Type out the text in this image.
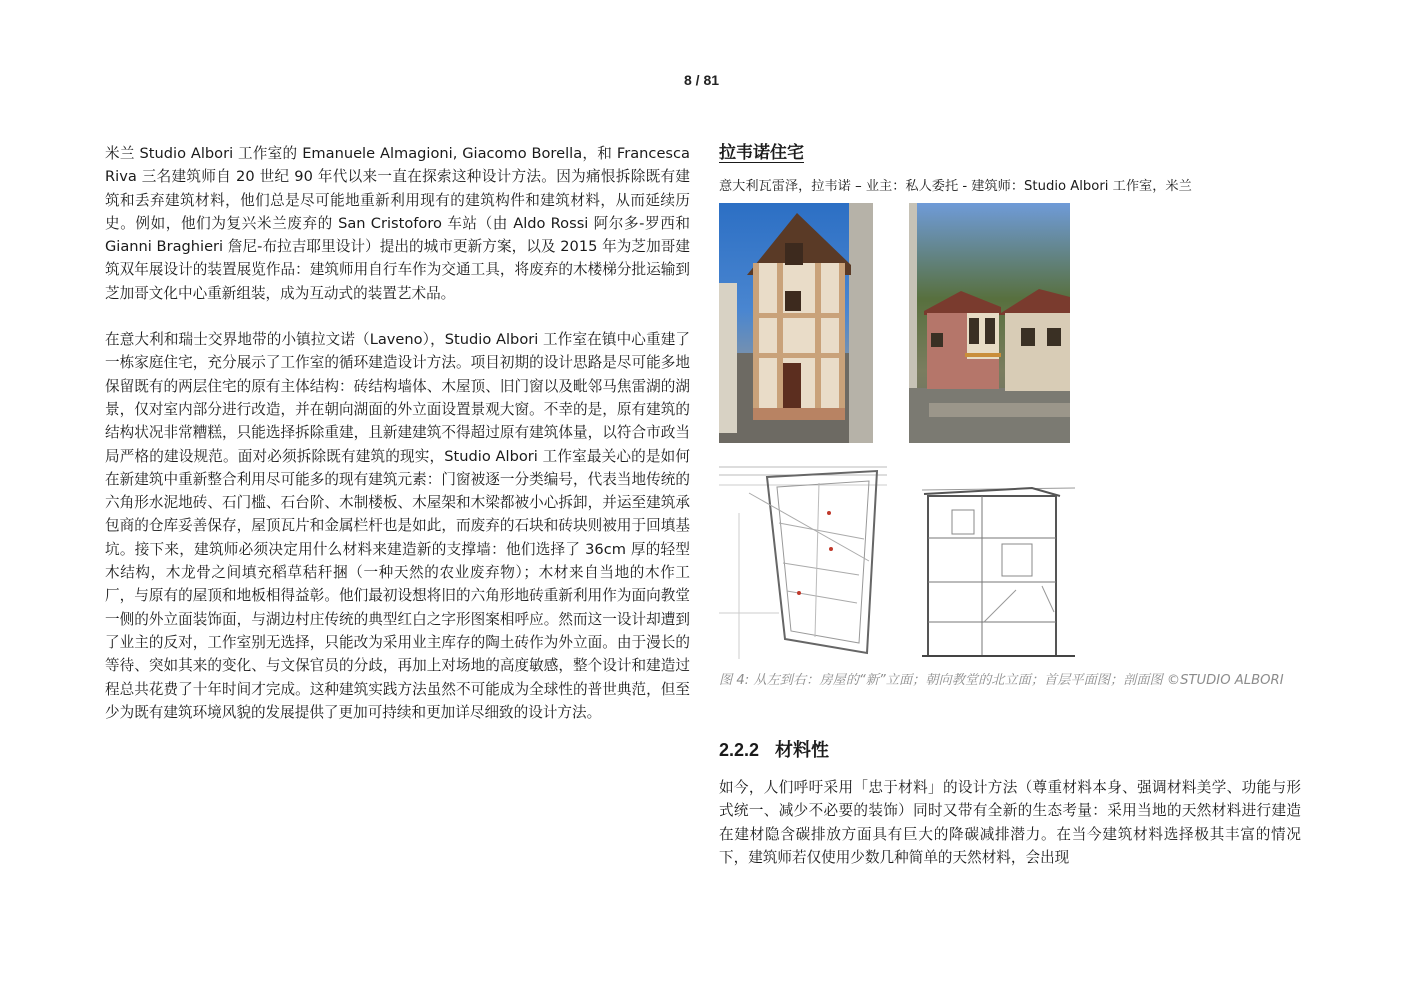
8 / 81

米兰 Studio Albori 工作室的 Emanuele Almagioni, Giacomo Borella，和 Francesca Riva 三名建筑师自 20 世纪 90 年代以来一直在探索这种设计方法。因为痛恨拆除既有建筑和丢弃建筑材料，他们总是尽可能地重新利用现有的建筑构件和建筑材料，从而延续历史。例如，他们为复兴米兰废弃的 San Cristoforo 车站（由 Aldo Rossi 阿尔多-罗西和 Gianni Braghieri 詹尼-布拉吉耶里设计）提出的城市更新方案，以及 2015 年为芝加哥建筑双年展设计的装置展览作品：建筑师用自行车作为交通工具，将废弃的木楼梯分批运输到芝加哥文化中心重新组装，成为互动式的装置艺术品。

在意大利和瑞士交界地带的小镇拉文诺（Laveno），Studio Albori 工作室在镇中心重建了一栋家庭住宅，充分展示了工作室的循环建造设计方法。项目初期的设计思路是尽可能多地保留既有的两层住宅的原有主体结构：砖结构墙体、木屋顶、旧门窗以及毗邻马焦雷湖的湖景，仅对室内部分进行改造，并在朝向湖面的外立面设置景观大窗。不幸的是，原有建筑的结构状况非常糟糕，只能选择拆除重建，且新建建筑不得超过原有建筑体量，以符合市政当局严格的建设规范。面对必须拆除既有建筑的现实，Studio Albori 工作室最关心的是如何在新建筑中重新整合利用尽可能多的现有建筑元素：门窗被逐一分类编号，代表当地传统的六角形水泥地砖、石门槛、石台阶、木制楼板、木屋架和木梁都被小心拆卸，并运至建筑承包商的仓库妥善保存，屋顶瓦片和金属栏杆也是如此，而废弃的石块和砖块则被用于回填基坑。接下来，建筑师必须决定用什么材料来建造新的支撑墙：他们选择了 36cm 厚的轻型木结构，木龙骨之间填充稻草秸秆捆（一种天然的农业废弃物）；木材来自当地的木作工厂，与原有的屋顶和地板相得益彰。他们最初设想将旧的六角形地砖重新利用作为面向教堂一侧的外立面装饰面，与湖边村庄传统的典型红白之字形图案相呼应。然而这一设计却遭到了业主的反对，工作室别无选择，只能改为采用业主库存的陶土砖作为外立面。由于漫长的等待、突如其来的变化、与文保官员的分歧，再加上对场地的高度敏感，整个设计和建造过程总共花费了十年时间才完成。这种建筑实践方法虽然不可能成为全球性的普世典范，但至少为既有建筑环境风貌的发展提供了更加可持续和更加详尽细致的设计方法。

拉韦诺住宅
意大利瓦雷泽，拉韦诺 – 业主：私人委托 - 建筑师：Studio Albori 工作室，米兰
图 4: 从左到右：房屋的“新”立面；朝向教堂的北立面；首层平面图；剖面图 ©STUDIO ALBORI
2.2.2 材料性

如今，人们呼吁采用「忠于材料」的设计方法（尊重材料本身、强调材料美学、功能与形式统一、减少不必要的装饰）同时又带有全新的生态考量：采用当地的天然材料进行建造在建材隐含碳排放方面具有巨大的降碳减排潜力。在当今建筑材料选择极其丰富的情况下，建筑师若仅使用少数几种简单的天然材料，会出现
